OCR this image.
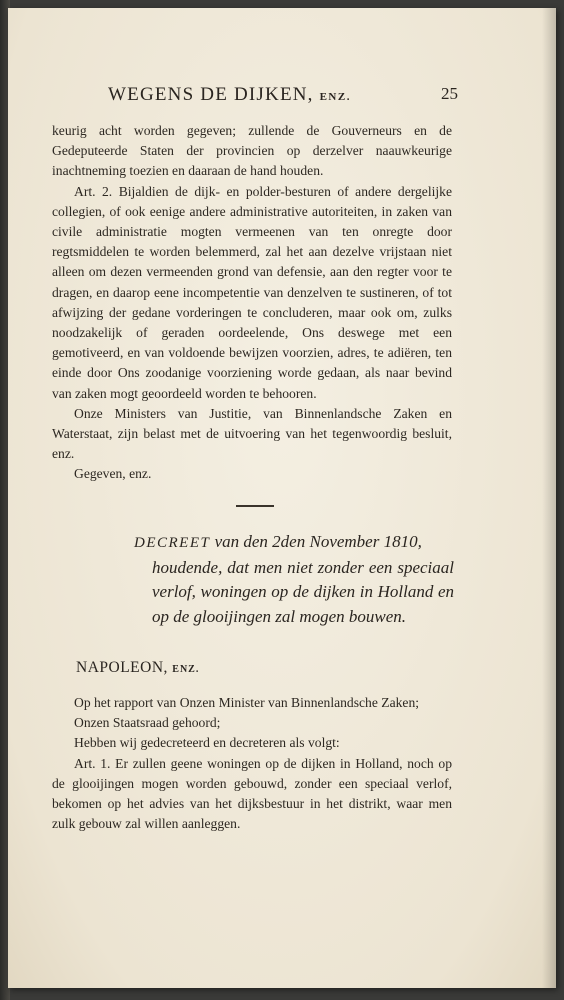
WEGENS DE DIJKEN, ENZ.	25

keurig acht worden gegeven; zullende de Gouverneurs en de Gedeputeerde Staten der provincien op derzelver naauwkeurige inachtneming toezien en daaraan de hand houden.

Art. 2. Bijaldien de dijk- en polder-besturen of andere dergelijke collegien, of ook eenige andere administrative autoriteiten, in zaken van civile administratie mogten vermeenen van ten onregte door regtsmiddelen te worden belemmerd, zal het aan dezelve vrijstaan niet alleen om dezen vermeenden grond van defensie, aan den regter voor te dragen, en daarop eene incompetentie van denzelven te sustineren, of tot afwijzing der gedane vorderingen te concluderen, maar ook om, zulks noodzakelijk of geraden oordeelende, Ons deswege met een gemotiveerd, en van voldoende bewijzen voorzien, adres, te adiëren, ten einde door Ons zoodanige voorziening worde gedaan, als naar bevind van zaken mogt geoordeeld worden te behooren.

Onze Ministers van Justitie, van Binnenlandsche Zaken en Waterstaat, zijn belast met de uitvoering van het tegenwoordig besluit, enz.

Gegeven, enz.

DECREET van den 2den November 1810,
houdende, dat men niet zonder een speciaal verlof, woningen op de dijken in Holland en op de glooijingen zal mogen bouwen.
NAPOLEON, ENZ.

Op het rapport van Onzen Minister van Binnenlandsche Zaken;

Onzen Staatsraad gehoord;

Hebben wij gedecreteerd en decreteren als volgt:

Art. 1. Er zullen geene woningen op de dijken in Holland, noch op de glooijingen mogen worden gebouwd, zonder een speciaal verlof, bekomen op het advies van het dijksbestuur in het distrikt, waar men zulk gebouw zal willen aanleggen.
